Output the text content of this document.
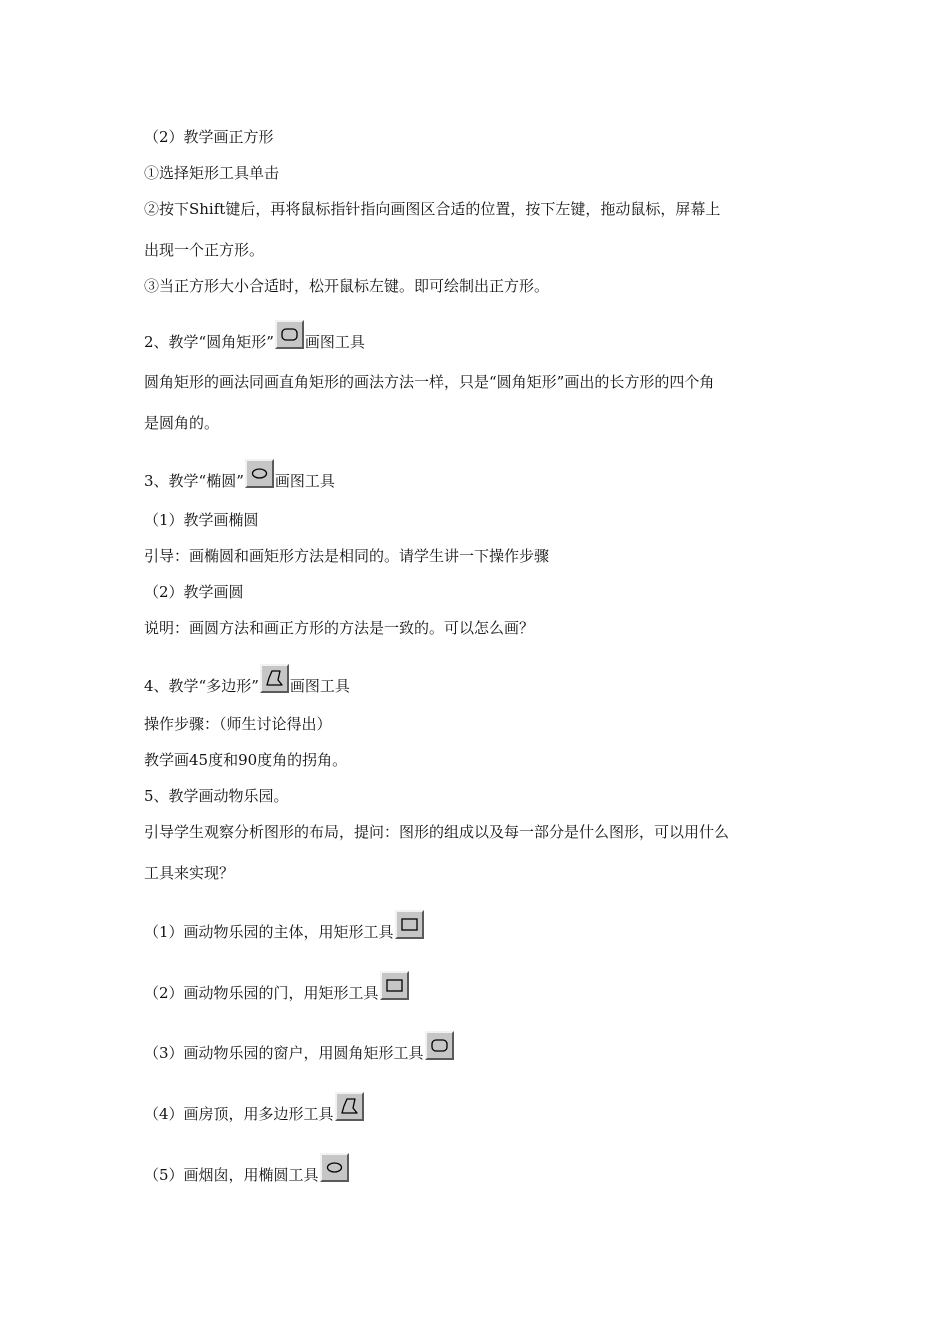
（2）教学画正方形
①选择矩形工具单击
②按下Shift键后，再将鼠标指针指向画图区合适的位置，按下左键，拖动鼠标，屏幕上
出现一个正方形。
③当正方形大小合适时，松开鼠标左键。即可绘制出正方形。
2、教学“圆角矩形” 画图工具
圆角矩形的画法同画直角矩形的画法方法一样，只是“圆角矩形”画出的长方形的四个角
是圆角的。
3、教学“椭圆” 画图工具
（1）教学画椭圆
引导：画椭圆和画矩形方法是相同的。请学生讲一下操作步骤
（2）教学画圆
说明：画圆方法和画正方形的方法是一致的。可以怎么画？
4、教学“多边形” 画图工具
操作步骤：（师生讨论得出）
教学画45度和90度角的拐角。
5、教学画动物乐园。
引导学生观察分析图形的布局，提问：图形的组成以及每一部分是什么图形，可以用什么
工具来实现？
（1）画动物乐园的主体，用矩形工具
（2）画动物乐园的门，用矩形工具
（3）画动物乐园的窗户，用圆角矩形工具
（4）画房顶，用多边形工具
（5）画烟囱，用椭圆工具
